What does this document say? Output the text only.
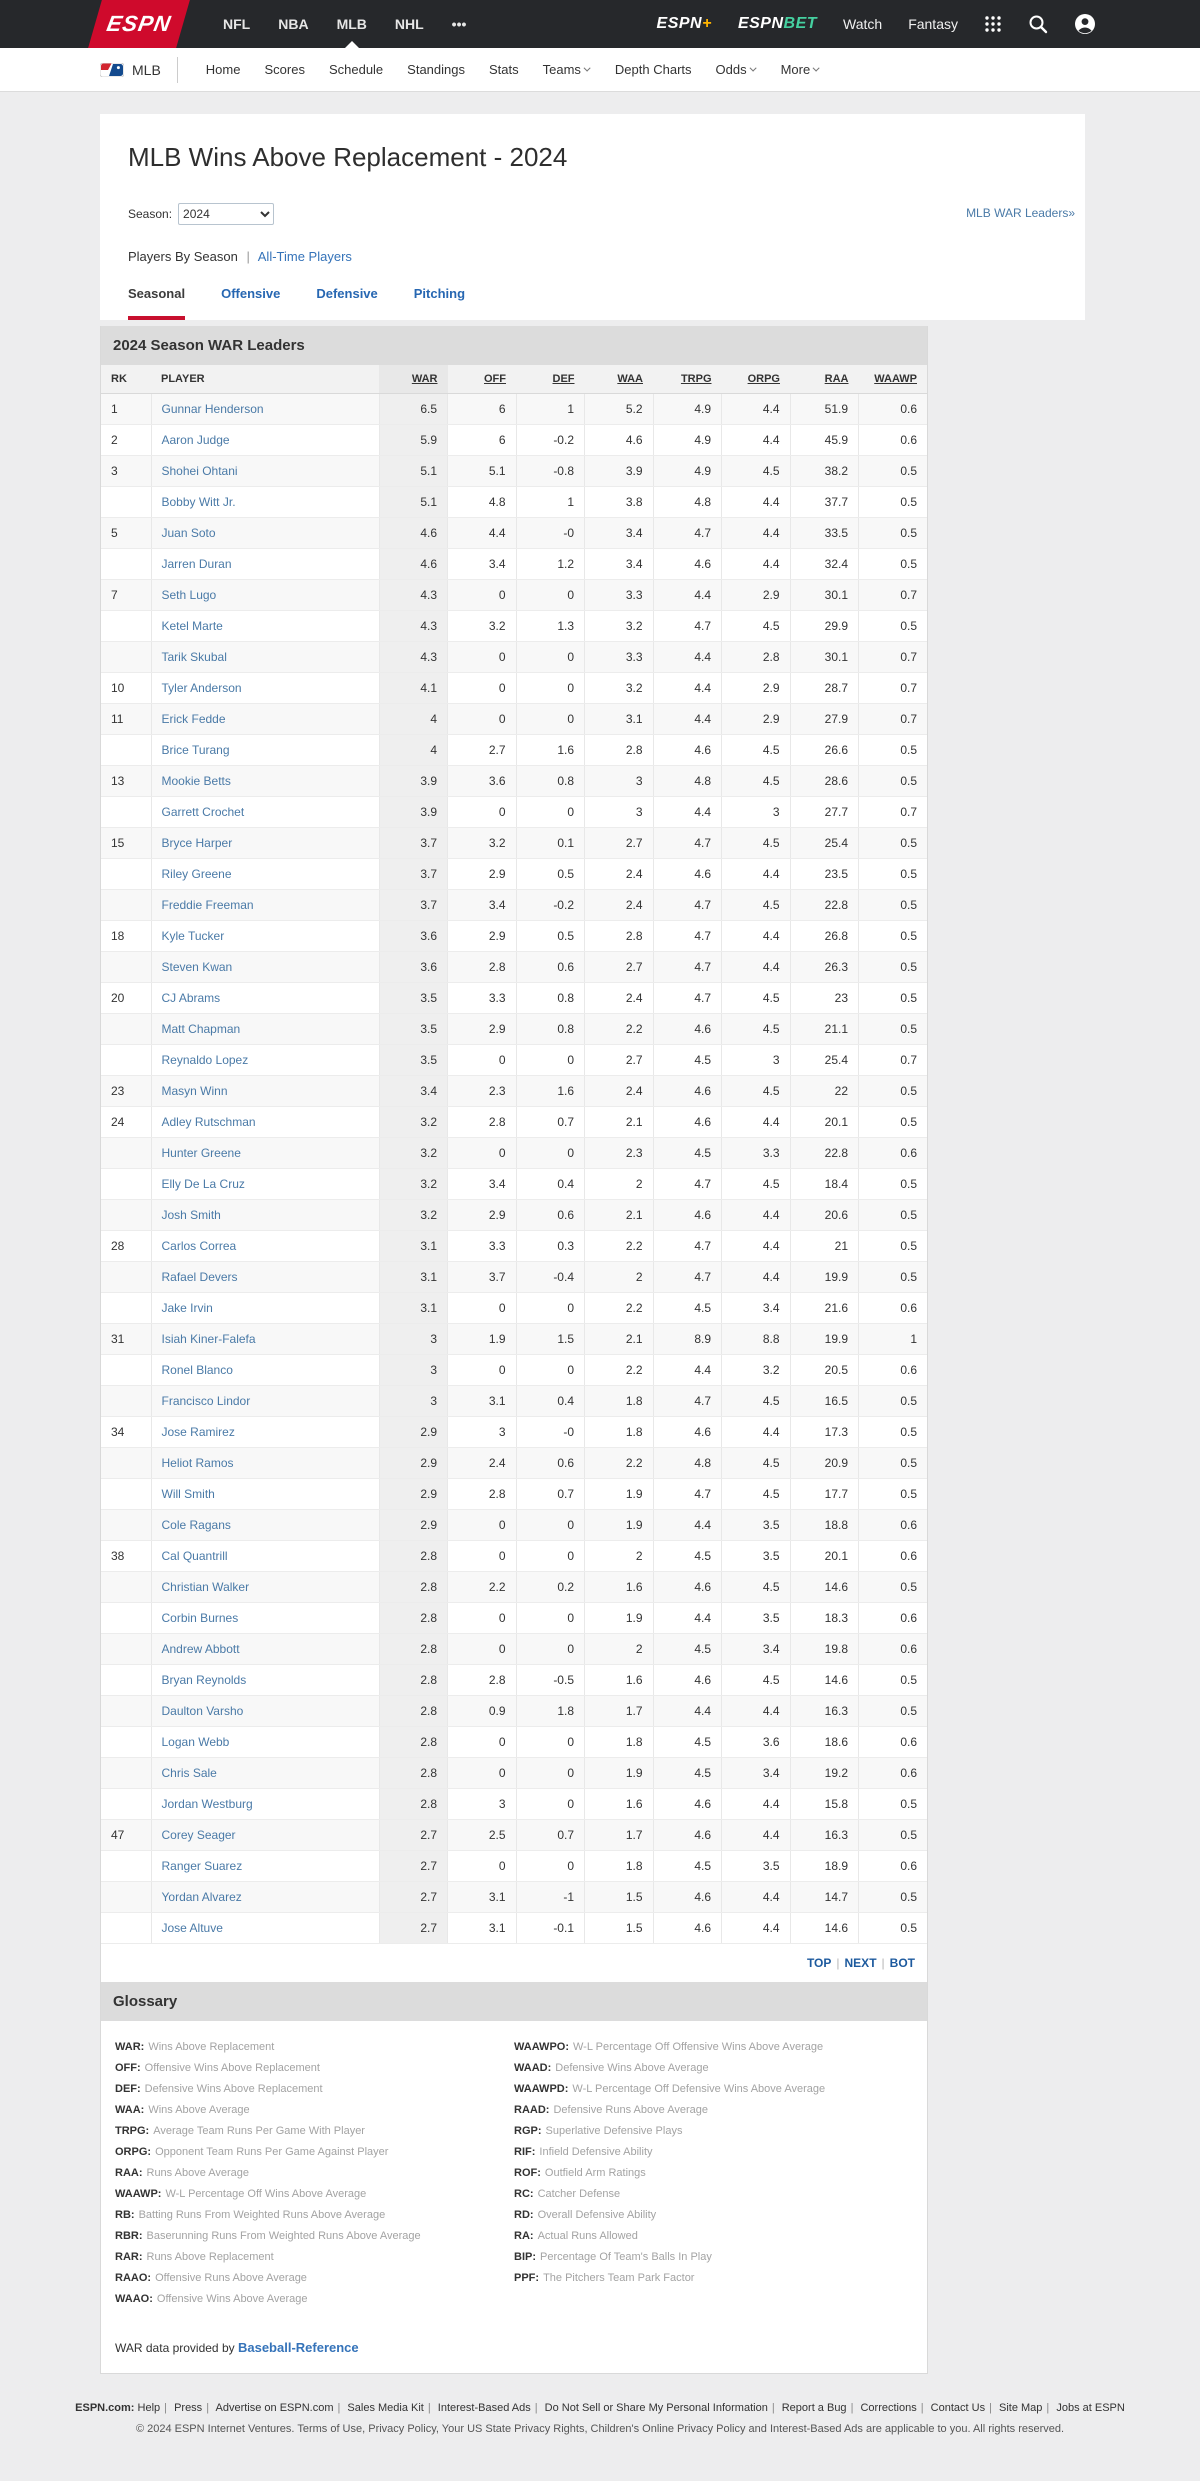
ESPN	NFL	NBA	MLB	NHL	•••	ESPN+ ESPNBET Watch Fantasy
MLB	Home	Scores	Schedule	Standings	Stats	Teams	Depth Charts	Odds	More
MLB Wins Above Replacement - 2024
Season:
2024	MLB WAR Leaders»
Players By Season | All-Time Players
Seasonal	Offensive	Defensive	Pitching
2024 Season WAR Leaders
RK	PLAYER	WAR	OFF	DEF	WAA	TRPG	ORPG	RAA	WAAWP
1	Gunnar Henderson	6.5	6	1	5.2	4.9	4.4	51.9	0.6
2	Aaron Judge	5.9	6	-0.2	4.6	4.9	4.4	45.9	0.6
3	Shohei Ohtani	5.1	5.1	-0.8	3.9	4.9	4.5	38.2	0.5
	Bobby Witt Jr.	5.1	4.8	1	3.8	4.8	4.4	37.7	0.5
5	Juan Soto	4.6	4.4	-0	3.4	4.7	4.4	33.5	0.5
	Jarren Duran	4.6	3.4	1.2	3.4	4.6	4.4	32.4	0.5
7	Seth Lugo	4.3	0	0	3.3	4.4	2.9	30.1	0.7
	Ketel Marte	4.3	3.2	1.3	3.2	4.7	4.5	29.9	0.5
	Tarik Skubal	4.3	0	0	3.3	4.4	2.8	30.1	0.7
10	Tyler Anderson	4.1	0	0	3.2	4.4	2.9	28.7	0.7
11	Erick Fedde	4	0	0	3.1	4.4	2.9	27.9	0.7
	Brice Turang	4	2.7	1.6	2.8	4.6	4.5	26.6	0.5
13	Mookie Betts	3.9	3.6	0.8	3	4.8	4.5	28.6	0.5
	Garrett Crochet	3.9	0	0	3	4.4	3	27.7	0.7
15	Bryce Harper	3.7	3.2	0.1	2.7	4.7	4.5	25.4	0.5
	Riley Greene	3.7	2.9	0.5	2.4	4.6	4.4	23.5	0.5
	Freddie Freeman	3.7	3.4	-0.2	2.4	4.7	4.5	22.8	0.5
18	Kyle Tucker	3.6	2.9	0.5	2.8	4.7	4.4	26.8	0.5
	Steven Kwan	3.6	2.8	0.6	2.7	4.7	4.4	26.3	0.5
20	CJ Abrams	3.5	3.3	0.8	2.4	4.7	4.5	23	0.5
	Matt Chapman	3.5	2.9	0.8	2.2	4.6	4.5	21.1	0.5
	Reynaldo Lopez	3.5	0	0	2.7	4.5	3	25.4	0.7
23	Masyn Winn	3.4	2.3	1.6	2.4	4.6	4.5	22	0.5
24	Adley Rutschman	3.2	2.8	0.7	2.1	4.6	4.4	20.1	0.5
	Hunter Greene	3.2	0	0	2.3	4.5	3.3	22.8	0.6
	Elly De La Cruz	3.2	3.4	0.4	2	4.7	4.5	18.4	0.5
	Josh Smith	3.2	2.9	0.6	2.1	4.6	4.4	20.6	0.5
28	Carlos Correa	3.1	3.3	0.3	2.2	4.7	4.4	21	0.5
	Rafael Devers	3.1	3.7	-0.4	2	4.7	4.4	19.9	0.5
	Jake Irvin	3.1	0	0	2.2	4.5	3.4	21.6	0.6
31	Isiah Kiner-Falefa	3	1.9	1.5	2.1	8.9	8.8	19.9	1
	Ronel Blanco	3	0	0	2.2	4.4	3.2	20.5	0.6
	Francisco Lindor	3	3.1	0.4	1.8	4.7	4.5	16.5	0.5
34	Jose Ramirez	2.9	3	-0	1.8	4.6	4.4	17.3	0.5
	Heliot Ramos	2.9	2.4	0.6	2.2	4.8	4.5	20.9	0.5
	Will Smith	2.9	2.8	0.7	1.9	4.7	4.5	17.7	0.5
	Cole Ragans	2.9	0	0	1.9	4.4	3.5	18.8	0.6
38	Cal Quantrill	2.8	0	0	2	4.5	3.5	20.1	0.6
	Christian Walker	2.8	2.2	0.2	1.6	4.6	4.5	14.6	0.5
	Corbin Burnes	2.8	0	0	1.9	4.4	3.5	18.3	0.6
	Andrew Abbott	2.8	0	0	2	4.5	3.4	19.8	0.6
	Bryan Reynolds	2.8	2.8	-0.5	1.6	4.6	4.5	14.6	0.5
	Daulton Varsho	2.8	0.9	1.8	1.7	4.4	4.4	16.3	0.5
	Logan Webb	2.8	0	0	1.8	4.5	3.6	18.6	0.6
	Chris Sale	2.8	0	0	1.9	4.5	3.4	19.2	0.6
	Jordan Westburg	2.8	3	0	1.6	4.6	4.4	15.8	0.5
47	Corey Seager	2.7	2.5	0.7	1.7	4.6	4.4	16.3	0.5
	Ranger Suarez	2.7	0	0	1.8	4.5	3.5	18.9	0.6
	Yordan Alvarez	2.7	3.1	-1	1.5	4.6	4.4	14.7	0.5
	Jose Altuve	2.7	3.1	-0.1	1.5	4.6	4.4	14.6	0.5
TOP | NEXT | BOT
Glossary
WAR: Wins Above Replacement
OFF: Offensive Wins Above Replacement
DEF: Defensive Wins Above Replacement
WAA: Wins Above Average
TRPG: Average Team Runs Per Game With Player
ORPG: Opponent Team Runs Per Game Against Player
RAA: Runs Above Average
WAAWP: W-L Percentage Off Wins Above Average
RB: Batting Runs From Weighted Runs Above Average
RBR: Baserunning Runs From Weighted Runs Above Average
RAR: Runs Above Replacement
RAAO: Offensive Runs Above Average
WAAO: Offensive Wins Above Average
WAAWPO: W-L Percentage Off Offensive Wins Above Average
WAAD: Defensive Wins Above Average
WAAWPD: W-L Percentage Off Defensive Wins Above Average
RAAD: Defensive Runs Above Average
RGP: Superlative Defensive Plays
RIF: Infield Defensive Ability
ROF: Outfield Arm Ratings
RC: Catcher Defense
RD: Overall Defensive Ability
RA: Actual Runs Allowed
BIP: Percentage Of Team's Balls In Play
PPF: The Pitchers Team Park Factor
WAR data provided by Baseball-Reference
ESPN.com: Help | Press | Advertise on ESPN.com | Sales Media Kit | Interest-Based Ads | Do Not Sell or Share My Personal Information | Report a Bug | Corrections | Contact Us | Site Map | Jobs at ESPN
© 2024 ESPN Internet Ventures. Terms of Use, Privacy Policy, Your US State Privacy Rights, Children's Online Privacy Policy and Interest-Based Ads are applicable to you. All rights reserved.
